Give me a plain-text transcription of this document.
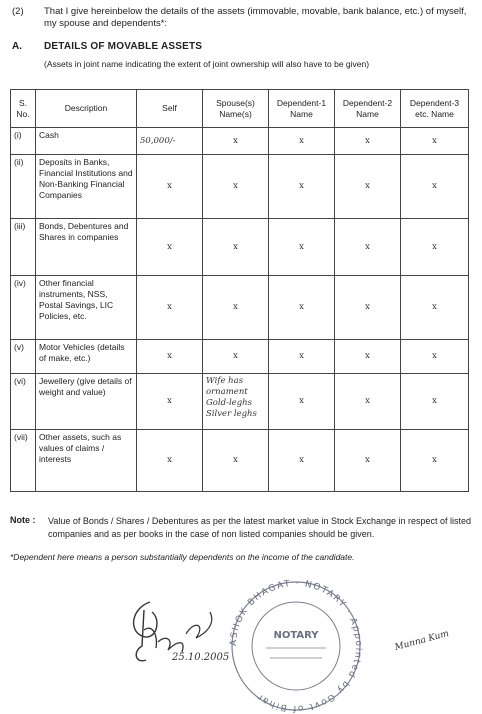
(2) That I give hereinbelow the details of the assets (immovable, movable, bank balance, etc.) of myself, my spouse and dependents*:
A. DETAILS OF MOVABLE ASSETS
(Assets in joint name indicating the extent of joint ownership will also have to be given)
S. No.	Description	Self	Spouse(s) Name(s)	Dependent-1 Name	Dependent-2 Name	Dependent-3 etc. Name
(i)	Cash	50,000/-	x	x	x	x
(ii)	Deposits in Banks, Financial Institutions and Non-Banking Financial Companies	x	x	x	x	x
(iii)	Bonds, Debentures and Shares in companies	x	x	x	x	x
(iv)	Other financial instruments, NSS, Postal Savings, LIC Policies, etc.	x	x	x	x	x
(v)	Motor Vehicles (details of make, etc.)	x	x	x	x	x
(vi)	Jewellery (give details of weight and value)	x	Wife has ornament Gold-leghs Silver leghs	x	x	x
(vii)	Other assets, such as values of claims / interests	x	x	x	x	x
Note : Value of Bonds / Shares / Debentures as per the latest market value in Stock Exchange in respect of listed companies and as per books in the case of non listed companies should be given.
*Dependent here means a person substantially dependents on the income of the candidate.
25.10.2005
ASHOK BHAGAT · NOTARY · Appointed by Govt of Bihar
NOTARY	Munna Kum
